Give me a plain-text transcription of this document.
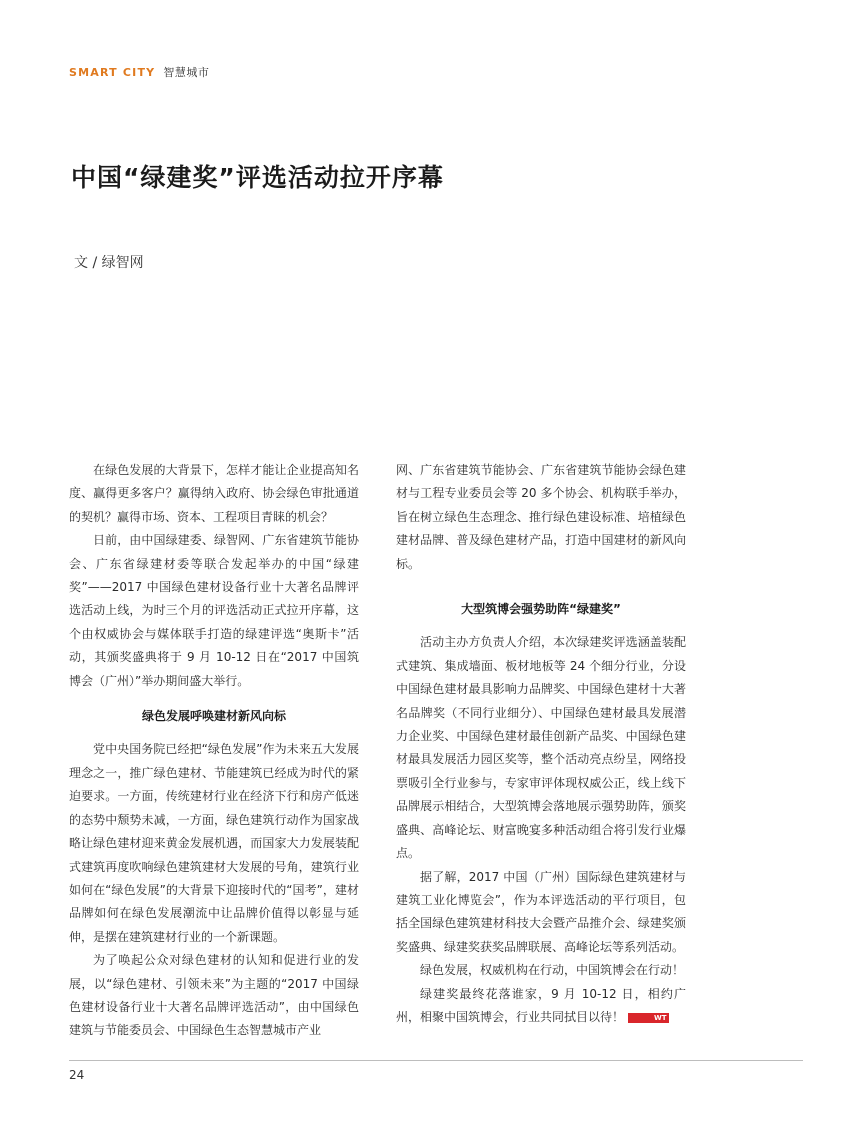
SMART CITY 智慧城市
中国“绿建奖”评选活动拉开序幕
文 / 绿智网

在绿色发展的大背景下，怎样才能让企业提高知名度、赢得更多客户？赢得纳入政府、协会绿色审批通道的契机？赢得市场、资本、工程项目青睐的机会？

日前，由中国绿建委、绿智网、广东省建筑节能协会、广东省绿建材委等联合发起举办的中国“绿建奖”——2017 中国绿色建材设备行业十大著名品牌评选活动上线，为时三个月的评选活动正式拉开序幕，这个由权威协会与媒体联手打造的绿建评选“奥斯卡”活动，其颁奖盛典将于 9 月 10-12 日在“2017 中国筑博会（广州）”举办期间盛大举行。

绿色发展呼唤建材新风向标

党中央国务院已经把“绿色发展”作为未来五大发展理念之一，推广绿色建材、节能建筑已经成为时代的紧迫要求。一方面，传统建材行业在经济下行和房产低迷的态势中颓势未减，一方面，绿色建筑行动作为国家战略让绿色建材迎来黄金发展机遇，而国家大力发展装配式建筑再度吹响绿色建筑建材大发展的号角，建筑行业如何在“绿色发展”的大背景下迎接时代的“国考”，建材品牌如何在绿色发展潮流中让品牌价值得以彰显与延伸，是摆在建筑建材行业的一个新课题。

为了唤起公众对绿色建材的认知和促进行业的发展，以“绿色建材、引领未来”为主题的“2017 中国绿色建材设备行业十大著名品牌评选活动”，由中国绿色建筑与节能委员会、中国绿色生态智慧城市产业

网、广东省建筑节能协会、广东省建筑节能协会绿色建材与工程专业委员会等 20 多个协会、机构联手举办，旨在树立绿色生态理念、推行绿色建设标准、培植绿色建材品牌、普及绿色建材产品，打造中国建材的新风向标。

大型筑博会强势助阵“绿建奖”

活动主办方负责人介绍，本次绿建奖评选涵盖装配式建筑、集成墙面、板材地板等 24 个细分行业，分设中国绿色建材最具影响力品牌奖、中国绿色建材十大著名品牌奖（不同行业细分）、中国绿色建材最具发展潜力企业奖、中国绿色建材最佳创新产品奖、中国绿色建材最具发展活力园区奖等，整个活动亮点纷呈，网络投票吸引全行业参与，专家审评体现权威公正，线上线下品牌展示相结合，大型筑博会落地展示强势助阵，颁奖盛典、高峰论坛、财富晚宴多种活动组合将引发行业爆点。

据了解，2017 中国（广州）国际绿色建筑建材与建筑工业化博览会”，作为本评选活动的平行项目，包括全国绿色建筑建材科技大会暨产品推介会、绿建奖颁奖盛典、绿建奖获奖品牌联展、高峰论坛等系列活动。

绿色发展，权威机构在行动，中国筑博会在行动！

绿建奖最终花落谁家，9 月 10-12 日，相约广州，相聚中国筑博会，行业共同拭目以待！	WT

24
